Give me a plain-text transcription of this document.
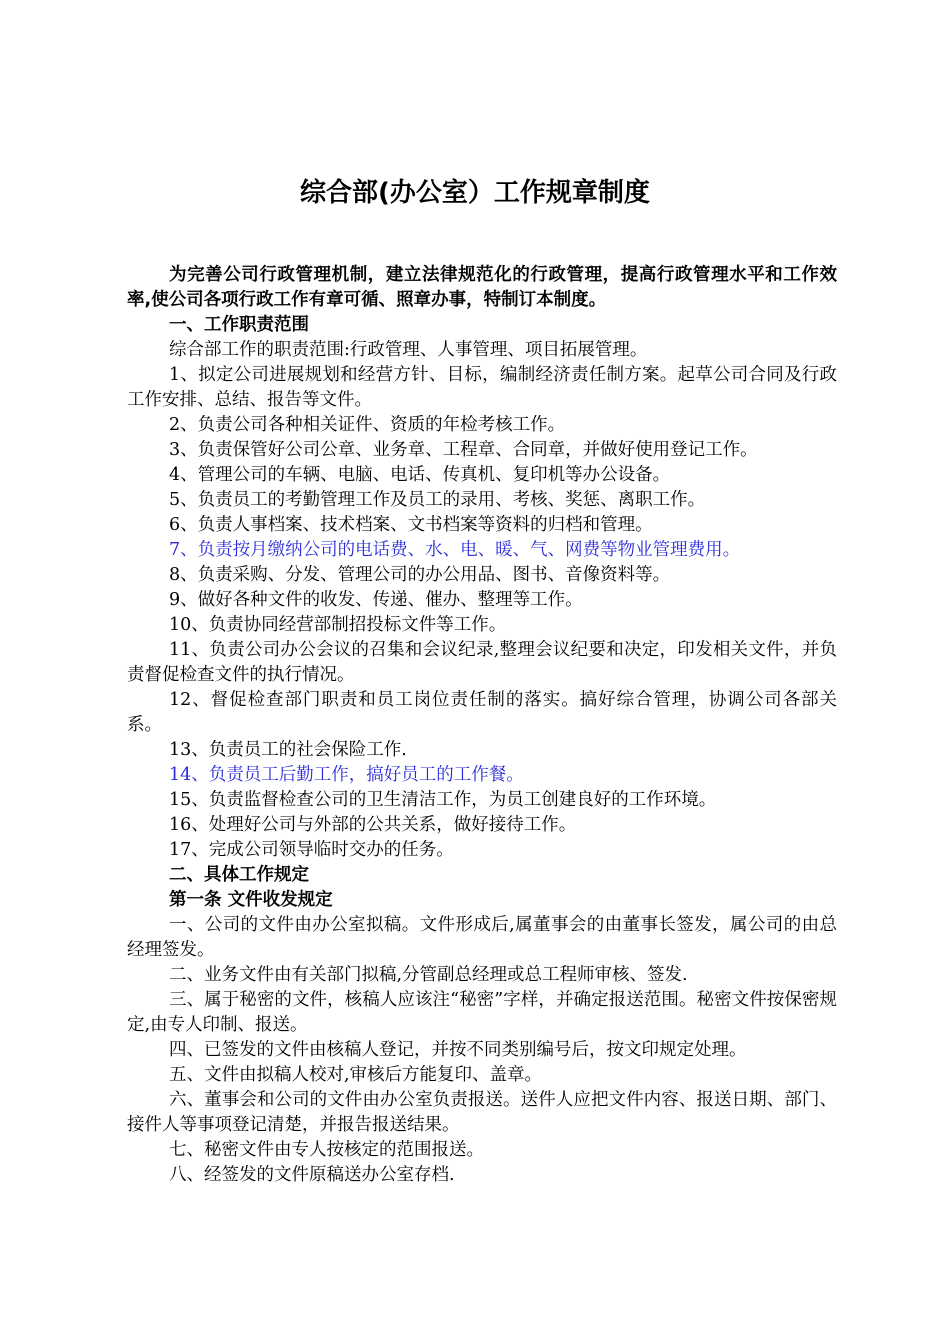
综合部(办公室）工作规章制度

为完善公司行政管理机制，建立法律规范化的行政管理，提高行政管理水平和工作效率,使公司各项行政工作有章可循、照章办事，特制订本制度。

一、工作职责范围

综合部工作的职责范围:行政管理、人事管理、项目拓展管理。

1、拟定公司进展规划和经营方针、目标，编制经济责任制方案。起草公司合同及行政工作安排、总结、报告等文件。

2、负责公司各种相关证件、资质的年检考核工作。

3、负责保管好公司公章、业务章、工程章、合同章，并做好使用登记工作。

4、管理公司的车辆、电脑、电话、传真机、复印机等办公设备。

5、负责员工的考勤管理工作及员工的录用、考核、奖惩、离职工作。

6、负责人事档案、技术档案、文书档案等资料的归档和管理。

7、负责按月缴纳公司的电话费、水、电、暖、气、网费等物业管理费用。

8、负责采购、分发、管理公司的办公用品、图书、音像资料等。

9、做好各种文件的收发、传递、催办、整理等工作。

10、负责协同经营部制招投标文件等工作。

11、负责公司办公会议的召集和会议纪录,整理会议纪要和决定，印发相关文件，并负责督促检查文件的执行情况。

12、督促检查部门职责和员工岗位责任制的落实。搞好综合管理，协调公司各部关系。

13、负责员工的社会保险工作.

14、负责员工后勤工作，搞好员工的工作餐。

15、负责监督检查公司的卫生清洁工作，为员工创建良好的工作环境。

16、处理好公司与外部的公共关系，做好接待工作。

17、完成公司领导临时交办的任务。

二、具体工作规定

第一条 文件收发规定

一、公司的文件由办公室拟稿。文件形成后,属董事会的由董事长签发，属公司的由总经理签发。

二、业务文件由有关部门拟稿,分管副总经理或总工程师审核、签发.

三、属于秘密的文件，核稿人应该注“秘密”字样，并确定报送范围。秘密文件按保密规定,由专人印制、报送。

四、已签发的文件由核稿人登记，并按不同类别编号后，按文印规定处理。

五、文件由拟稿人校对,审核后方能复印、盖章。

六、董事会和公司的文件由办公室负责报送。送件人应把文件内容、报送日期、部门、接件人等事项登记清楚，并报告报送结果。

七、秘密文件由专人按核定的范围报送。

八、经签发的文件原稿送办公室存档.
